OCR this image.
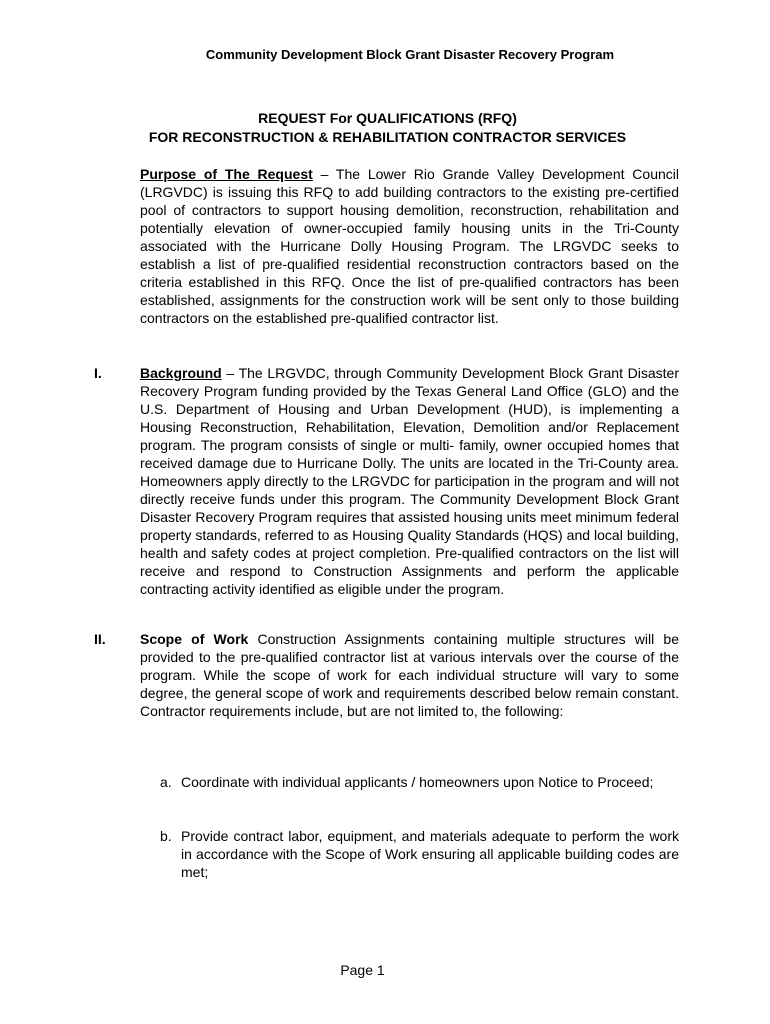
Community Development Block Grant Disaster Recovery Program
REQUEST For QUALIFICATIONS (RFQ)
FOR RECONSTRUCTION & REHABILITATION CONTRACTOR SERVICES
Purpose of The Request – The Lower Rio Grande Valley Development Council (LRGVDC) is issuing this RFQ to add building contractors to the existing pre-certified pool of contractors to support housing demolition, reconstruction, rehabilitation and potentially elevation of owner-occupied family housing units in the Tri-County associated with the Hurricane Dolly Housing Program. The LRGVDC seeks to establish a list of pre-qualified residential reconstruction contractors based on the criteria established in this RFQ. Once the list of pre-qualified contractors has been established, assignments for the construction work will be sent only to those building contractors on the established pre-qualified contractor list.
I.	Background – The LRGVDC, through Community Development Block Grant Disaster Recovery Program funding provided by the Texas General Land Office (GLO) and the U.S. Department of Housing and Urban Development (HUD), is implementing a Housing Reconstruction, Rehabilitation, Elevation, Demolition and/or Replacement program. The program consists of single or multi- family, owner occupied homes that received damage due to Hurricane Dolly. The units are located in the Tri-County area. Homeowners apply directly to the LRGVDC for participation in the program and will not directly receive funds under this program. The Community Development Block Grant Disaster Recovery Program requires that assisted housing units meet minimum federal property standards, referred to as Housing Quality Standards (HQS) and local building, health and safety codes at project completion. Pre-qualified contractors on the list will receive and respond to Construction Assignments and perform the applicable contracting activity identified as eligible under the program.
II. Scope of Work Construction Assignments containing multiple structures will be provided to the pre-qualified contractor list at various intervals over the course of the program. While the scope of work for each individual structure will vary to some degree, the general scope of work and requirements described below remain constant. Contractor requirements include, but are not limited to, the following:
a. Coordinate with individual applicants / homeowners upon Notice to Proceed;
b. Provide contract labor, equipment, and materials adequate to perform the work in accordance with the Scope of Work ensuring all applicable building codes are met;
Page 1
